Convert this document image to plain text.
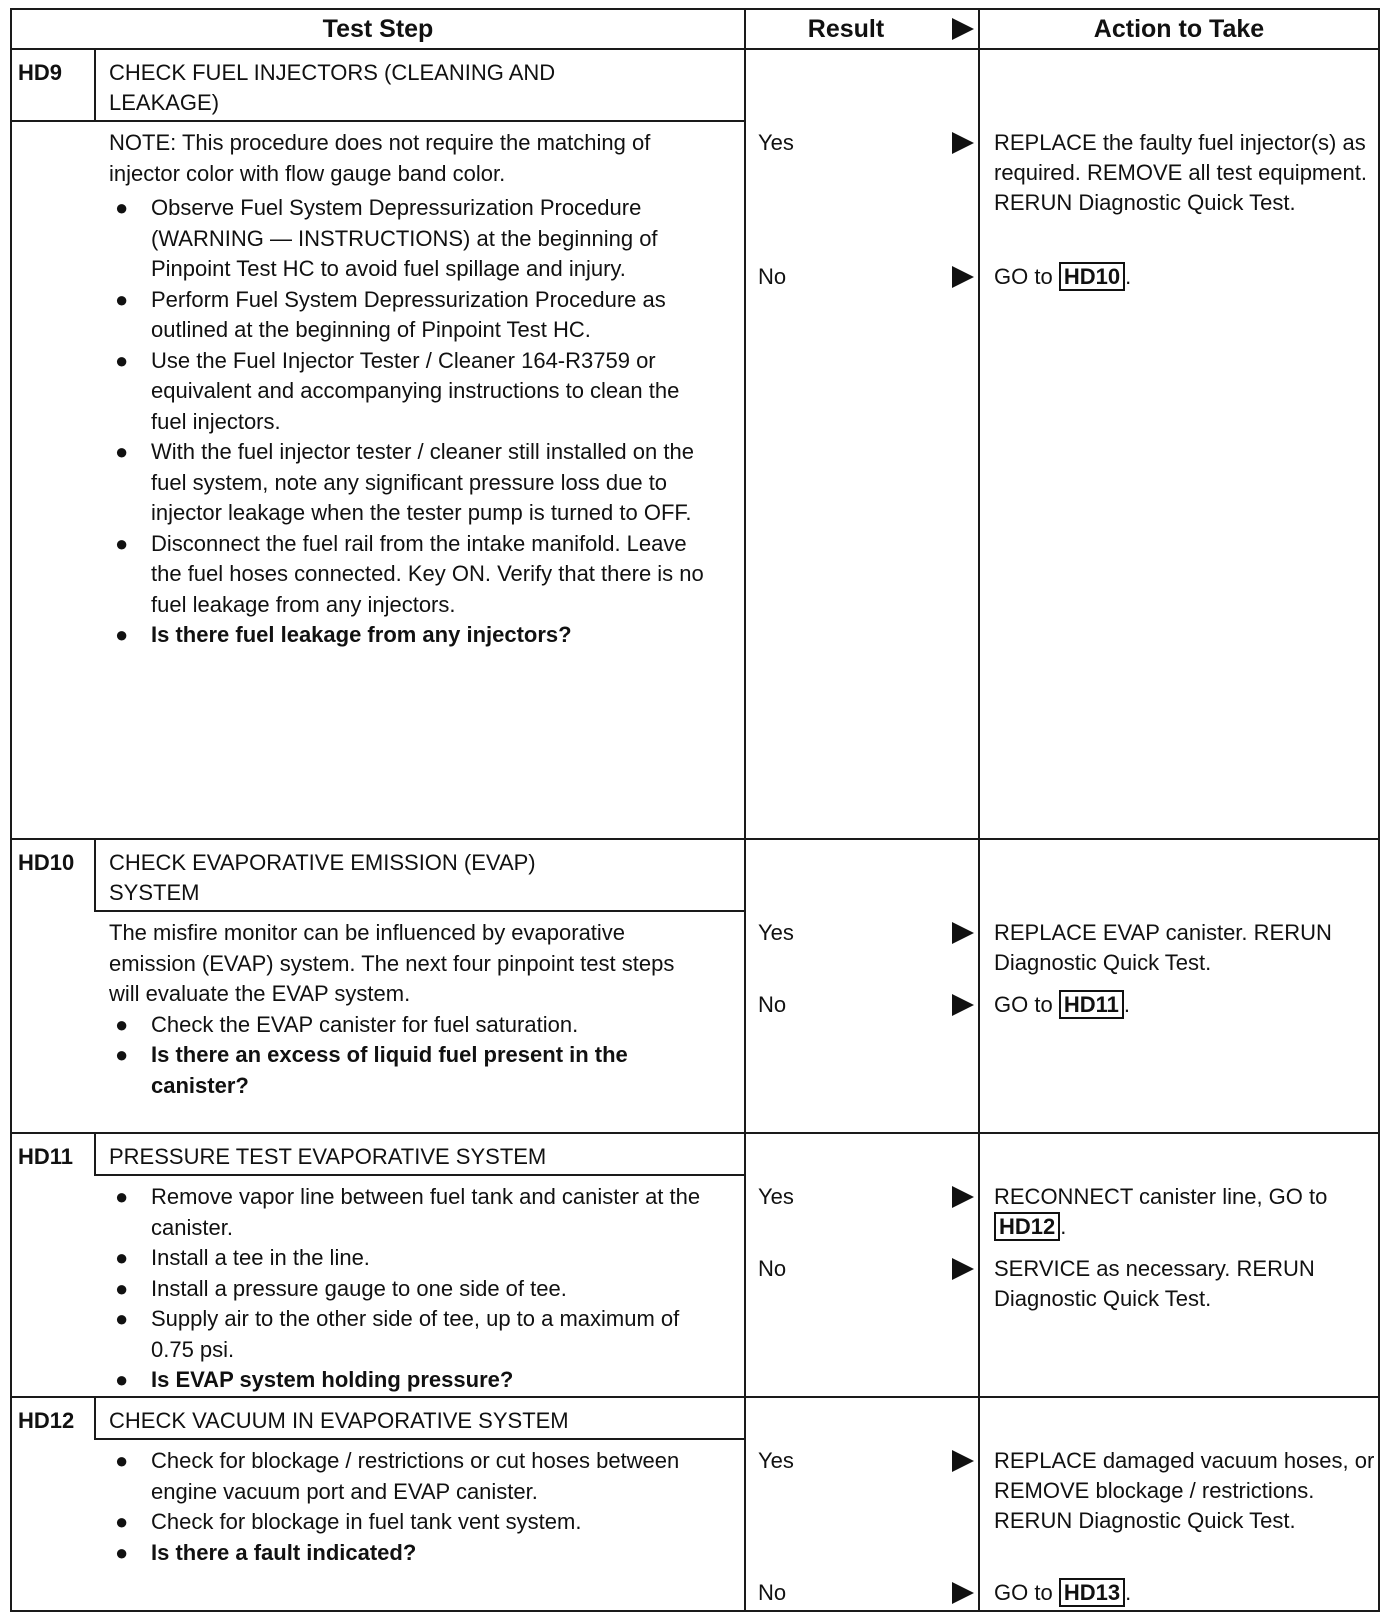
Test Step	Result	Action to Take
HD9	CHECK FUEL INJECTORS (CLEANING AND
LEAKAGE)

NOTE: This procedure does not require the matching of injector color with flow gauge band color.

● Observe Fuel System Depressurization Procedure (WARNING — INSTRUCTIONS) at the beginning of Pinpoint Test HC to avoid fuel spillage and injury.
● Perform Fuel System Depressurization Procedure as outlined at the beginning of Pinpoint Test HC.
● Use the Fuel Injector Tester / Cleaner 164-R3759 or equivalent and accompanying instructions to clean the fuel injectors.
● With the fuel injector tester / cleaner still installed on the fuel system, note any significant pressure loss due to injector leakage when the tester pump is turned to OFF.
● Disconnect the fuel rail from the intake manifold. Leave the fuel hoses connected. Key ON. Verify that there is no fuel leakage from any injectors.
● Is there fuel leakage from any injectors?
Yes	REPLACE the faulty fuel injector(s) as required. REMOVE all test equipment. RERUN Diagnostic Quick Test.
No	GO to HD10 .
HD10	CHECK EVAPORATIVE EMISSION (EVAP)
SYSTEM

The misfire monitor can be influenced by evaporative emission (EVAP) system. The next four pinpoint test steps will evaluate the EVAP system.

● Check the EVAP canister for fuel saturation.
● Is there an excess of liquid fuel present in the canister?
Yes	REPLACE EVAP canister. RERUN Diagnostic Quick Test.
No	GO to HD11 .
HD11	PRESSURE TEST EVAPORATIVE SYSTEM
● Remove vapor line between fuel tank and canister at the canister.
● Install a tee in the line.
● Install a pressure gauge to one side of tee.
● Supply air to the other side of tee, up to a maximum of 0.75 psi.
● Is EVAP system holding pressure?
Yes	RECONNECT canister line, GO to HD12 .
No	SERVICE as necessary. RERUN Diagnostic Quick Test.
HD12	CHECK VACUUM IN EVAPORATIVE SYSTEM
● Check for blockage / restrictions or cut hoses between engine vacuum port and EVAP canister.
● Check for blockage in fuel tank vent system.
● Is there a fault indicated?
Yes	REPLACE damaged vacuum hoses, or REMOVE blockage / restrictions. RERUN Diagnostic Quick Test.
No	GO to HD13 .
